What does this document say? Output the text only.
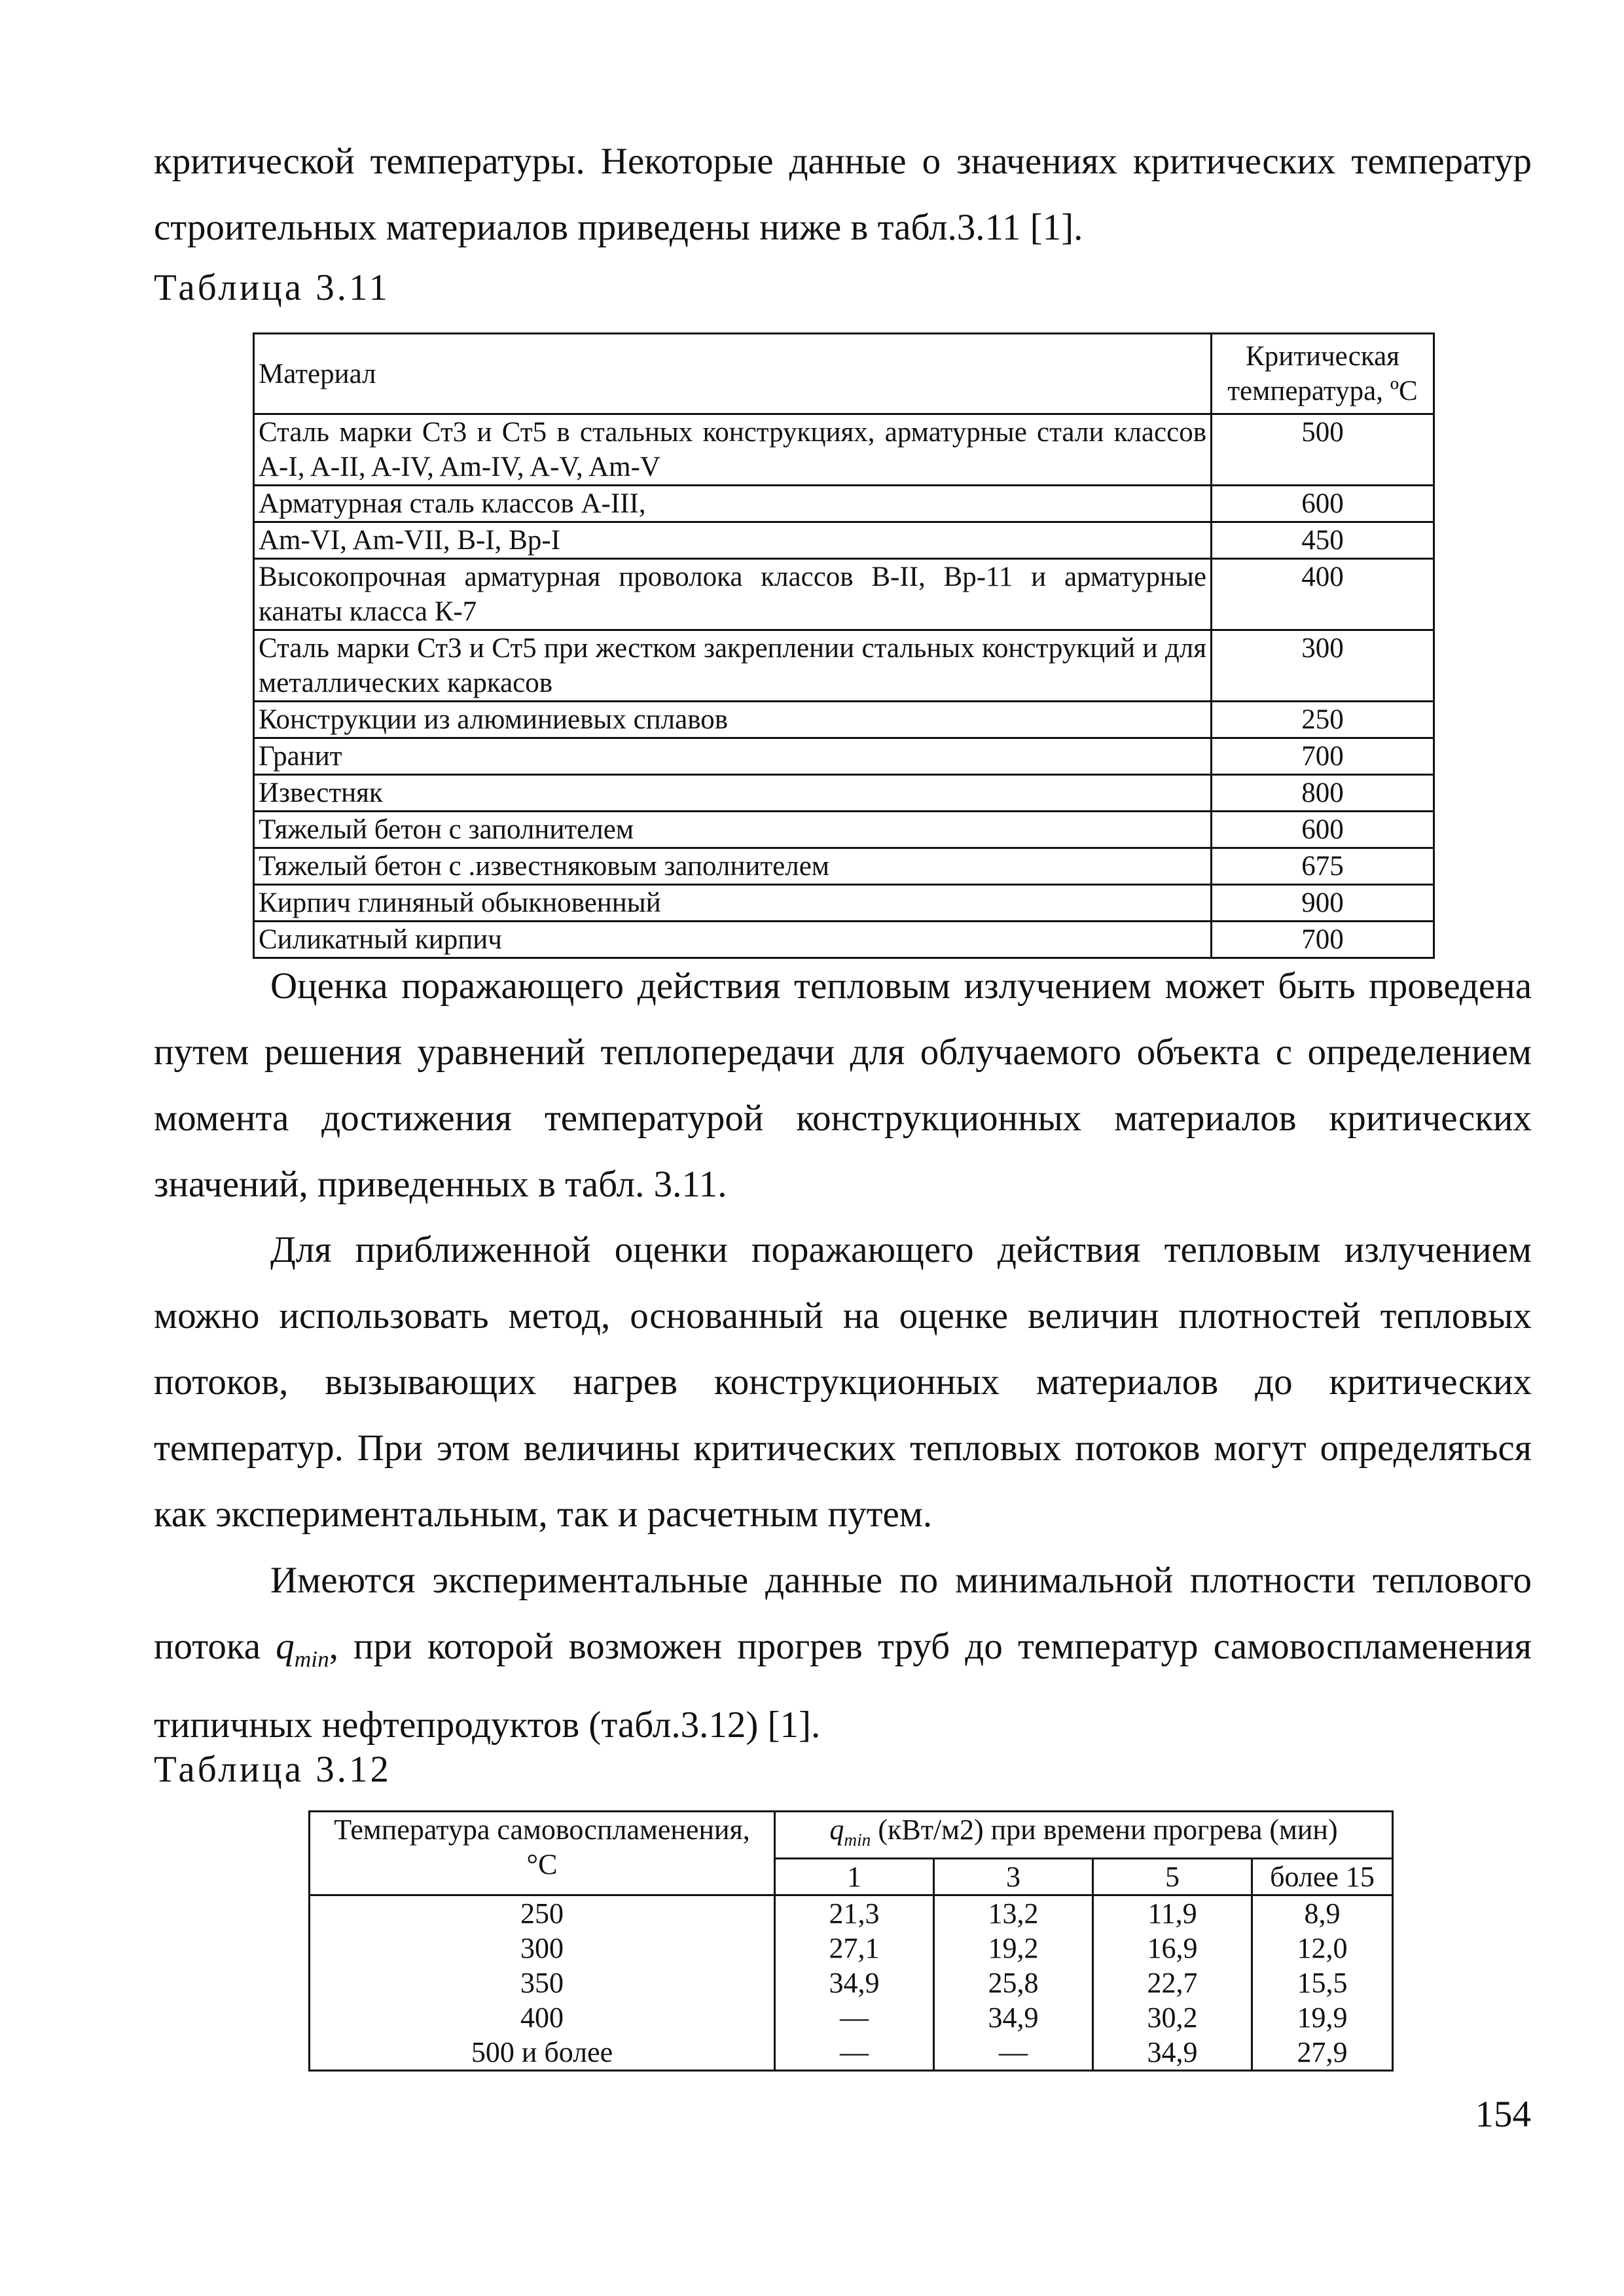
критической температуры. Некоторые данные о значениях критических температур

строительных материалов приведены ниже в табл.3.11 [1].

Таблица 3.11

Материал	Критическая
температура, ºС

Сталь марки Ст3 и Ст5 в стальных конструкциях, арматурные стали классов A-I, A-II, A-IV, Am-IV, A-V, Am-V	500
Арматурная сталь классов A-III,	600
Am-VI, Am-VII, B-I, Bp-I	450
Высокопрочная арматурная проволока классов B-II, Bp-11 и арматурные канаты класса К-7	400
Сталь марки Ст3 и Ст5 при жестком закреплении стальных конструкций и для металлических каркасов	300
Конструкции из алюминиевых сплавов	250
Гранит	700
Известняк	800
Тяжелый бетон с заполнителем	600
Тяжелый бетон с .известняковым заполнителем	675
Кирпич глиняный обыкновенный	900
Силикатный кирпич	700

Оценка поражающего действия тепловым излучением может быть проведена путем решения уравнений теплопередачи для облучаемого объекта с определением момента достижения температурой конструкционных материалов критических значений, приведенных в табл. 3.11.

Для приближенной оценки поражающего действия тепловым излучением можно использовать метод, основанный на оценке величин плотностей тепловых потоков, вызывающих нагрев конструкционных материалов до критических температур. При этом величины критических тепловых потоков могут определяться как экспериментальным, так и расчетным путем.

Имеются экспериментальные данные по минимальной плотности теплового потока $q_{min}$, при которой возможен прогрев труб до температур самовоспламенения типичных нефтепродуктов (табл.3.12) [1].

Таблица 3.12

Температура самовоспламенения,
°С	$q_{min}$ (кВт/м2) при времени прогрева (мин)			
	1	3	5	более 15
250	21,3	13,2	11,9	8,9
300	27,1	19,2	16,9	12,0
350	34,9	25,8	22,7	15,5
400	—	34,9	30,2	19,9
500 и более	—	—	34,9	27,9
154
